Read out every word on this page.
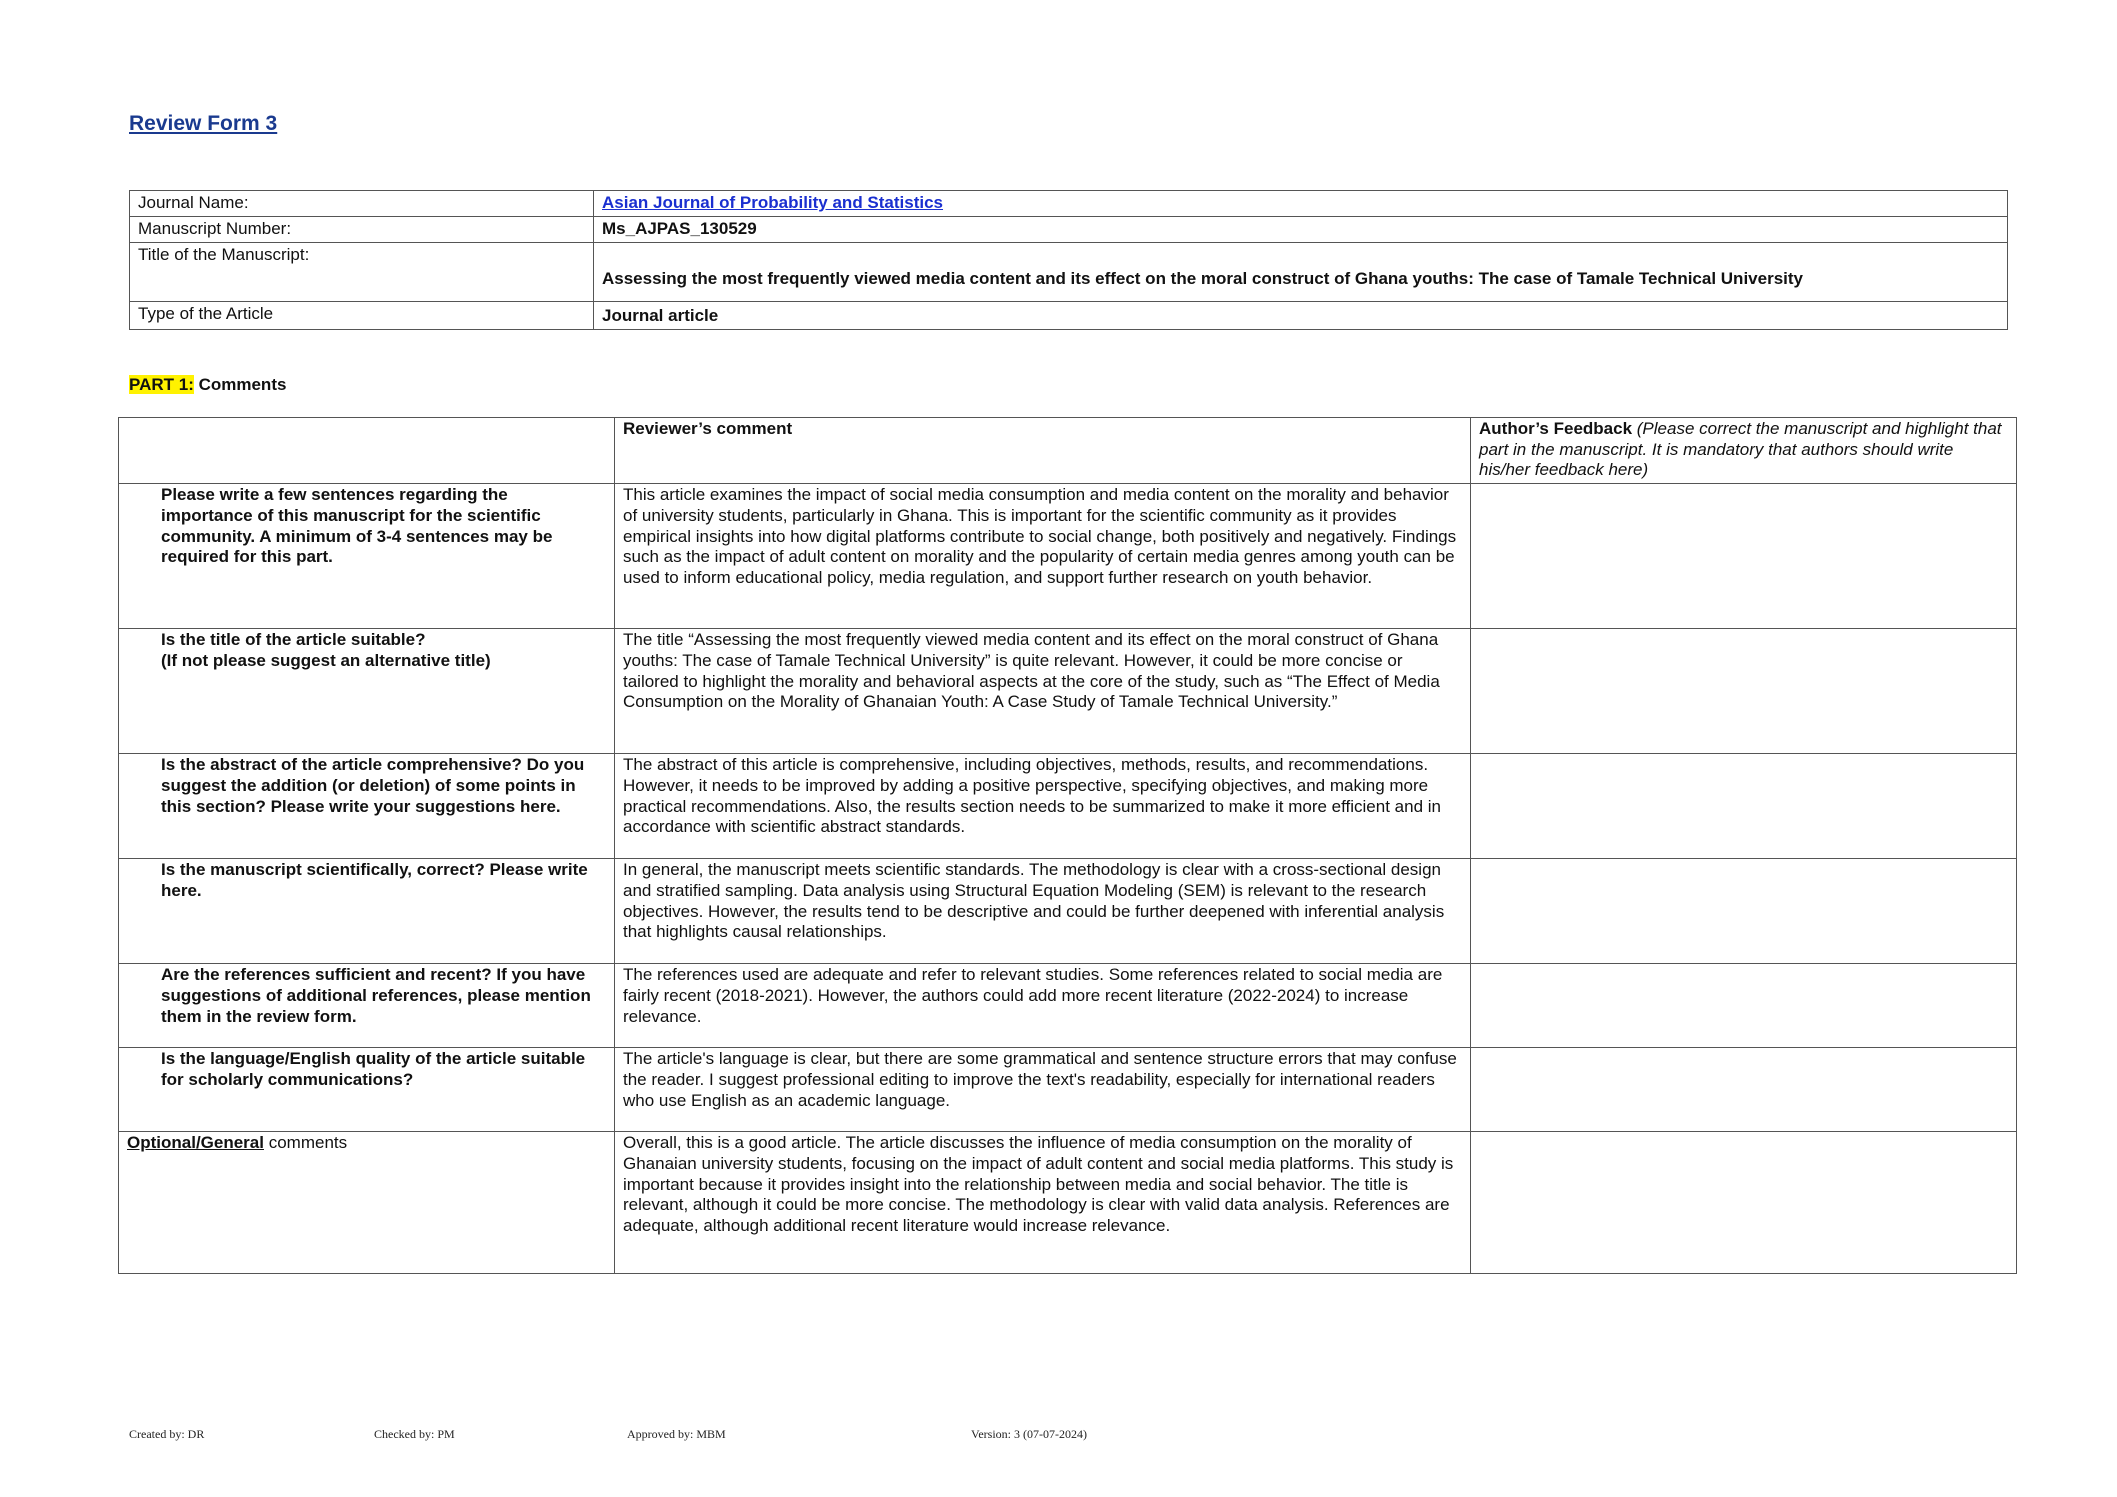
Review Form 3
Journal Name:	Asian Journal of Probability and Statistics
Manuscript Number:	Ms_AJPAS_130529
Title of the Manuscript:	Assessing the most frequently viewed media content and its effect on the moral construct of Ghana youths: The case of Tamale Technical University
Type of the Article	Journal article
PART 1: Comments
	Reviewer’s comment	Author’s Feedback (Please correct the manuscript and highlight that part in the manuscript. It is mandatory that authors should write his/her feedback here)
Please write a few sentences regarding the importance of this manuscript for the scientific community. A minimum of 3-4 sentences may be required for this part.	This article examines the impact of social media consumption and media content on the morality and behavior of university students, particularly in Ghana. This is important for the scientific community as it provides empirical insights into how digital platforms contribute to social change, both positively and negatively. Findings such as the impact of adult content on morality and the popularity of certain media genres among youth can be used to inform educational policy, media regulation, and support further research on youth behavior.	

Is the title of the article suitable?
(If not please suggest an alternative title)	The title “Assessing the most frequently viewed media content and its effect on the moral construct of Ghana youths: The case of Tamale Technical University” is quite relevant. However, it could be more concise or tailored to highlight the morality and behavioral aspects at the core of the study, such as “The Effect of Media Consumption on the Morality of Ghanaian Youth: A Case Study of Tamale Technical University.”	
Is the abstract of the article comprehensive? Do you suggest the addition (or deletion) of some points in this section? Please write your suggestions here.	The abstract of this article is comprehensive, including objectives, methods, results, and recommendations. However, it needs to be improved by adding a positive perspective, specifying objectives, and making more practical recommendations. Also, the results section needs to be summarized to make it more efficient and in accordance with scientific abstract standards.	
Is the manuscript scientifically, correct? Please write here.	In general, the manuscript meets scientific standards. The methodology is clear with a cross-sectional design and stratified sampling. Data analysis using Structural Equation Modeling (SEM) is relevant to the research objectives. However, the results tend to be descriptive and could be further deepened with inferential analysis that highlights causal relationships.	
Are the references sufficient and recent? If you have suggestions of additional references, please mention them in the review form.	The references used are adequate and refer to relevant studies. Some references related to social media are fairly recent (2018-2021). However, the authors could add more recent literature (2022-2024) to increase relevance.	
Is the language/English quality of the article suitable for scholarly communications?	The article's language is clear, but there are some grammatical and sentence structure errors that may confuse the reader. I suggest professional editing to improve the text's readability, especially for international readers who use English as an academic language.	
Optional/General comments	Overall, this is a good article. The article discusses the influence of media consumption on the morality of Ghanaian university students, focusing on the impact of adult content and social media platforms. This study is important because it provides insight into the relationship between media and social behavior. The title is relevant, although it could be more concise. The methodology is clear with valid data analysis. References are adequate, although additional recent literature would increase relevance.	
Created by: DR	Checked by: PM	Approved by: MBM	Version: 3 (07-07-2024)
